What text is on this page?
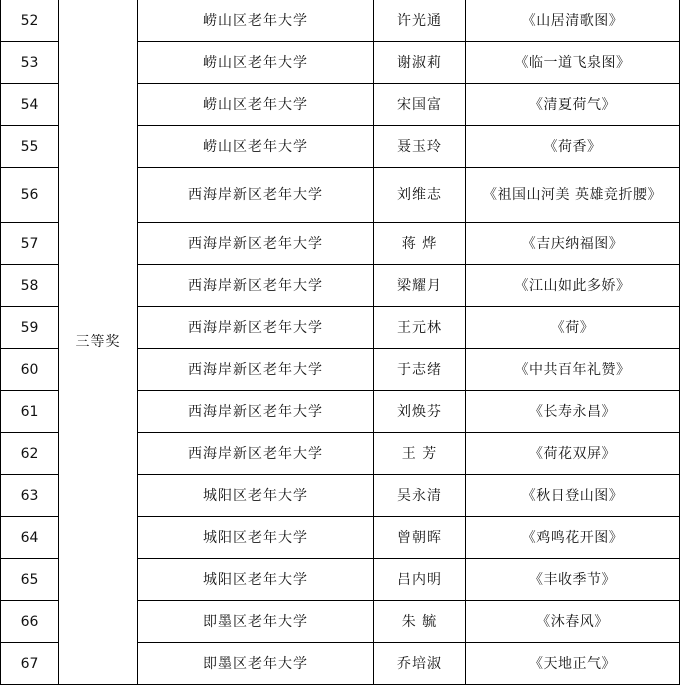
52	三等奖	崂山区老年大学	许光通	《山居清歌图》
53		崂山区老年大学	谢淑莉	《临一道飞泉图》
54		崂山区老年大学	宋国富	《清夏荷气》
55		崂山区老年大学	聂玉玲	《荷香》
56		西海岸新区老年大学	刘维志	《祖国山河美 英雄竞折腰》
57		西海岸新区老年大学	蒋 烨	《吉庆纳福图》
58		西海岸新区老年大学	梁耀月	《江山如此多娇》
59		西海岸新区老年大学	王元林	《荷》
60		西海岸新区老年大学	于志绪	《中共百年礼赞》
61		西海岸新区老年大学	刘焕芬	《长寿永昌》
62		西海岸新区老年大学	王 芳	《荷花双屏》
63		城阳区老年大学	吴永清	《秋日登山图》
64		城阳区老年大学	曾朝晖	《鸡鸣花开图》
65		城阳区老年大学	吕内明	《丰收季节》
66		即墨区老年大学	朱 毓	《沐春风》
67		即墨区老年大学	乔培淑	《天地正气》
